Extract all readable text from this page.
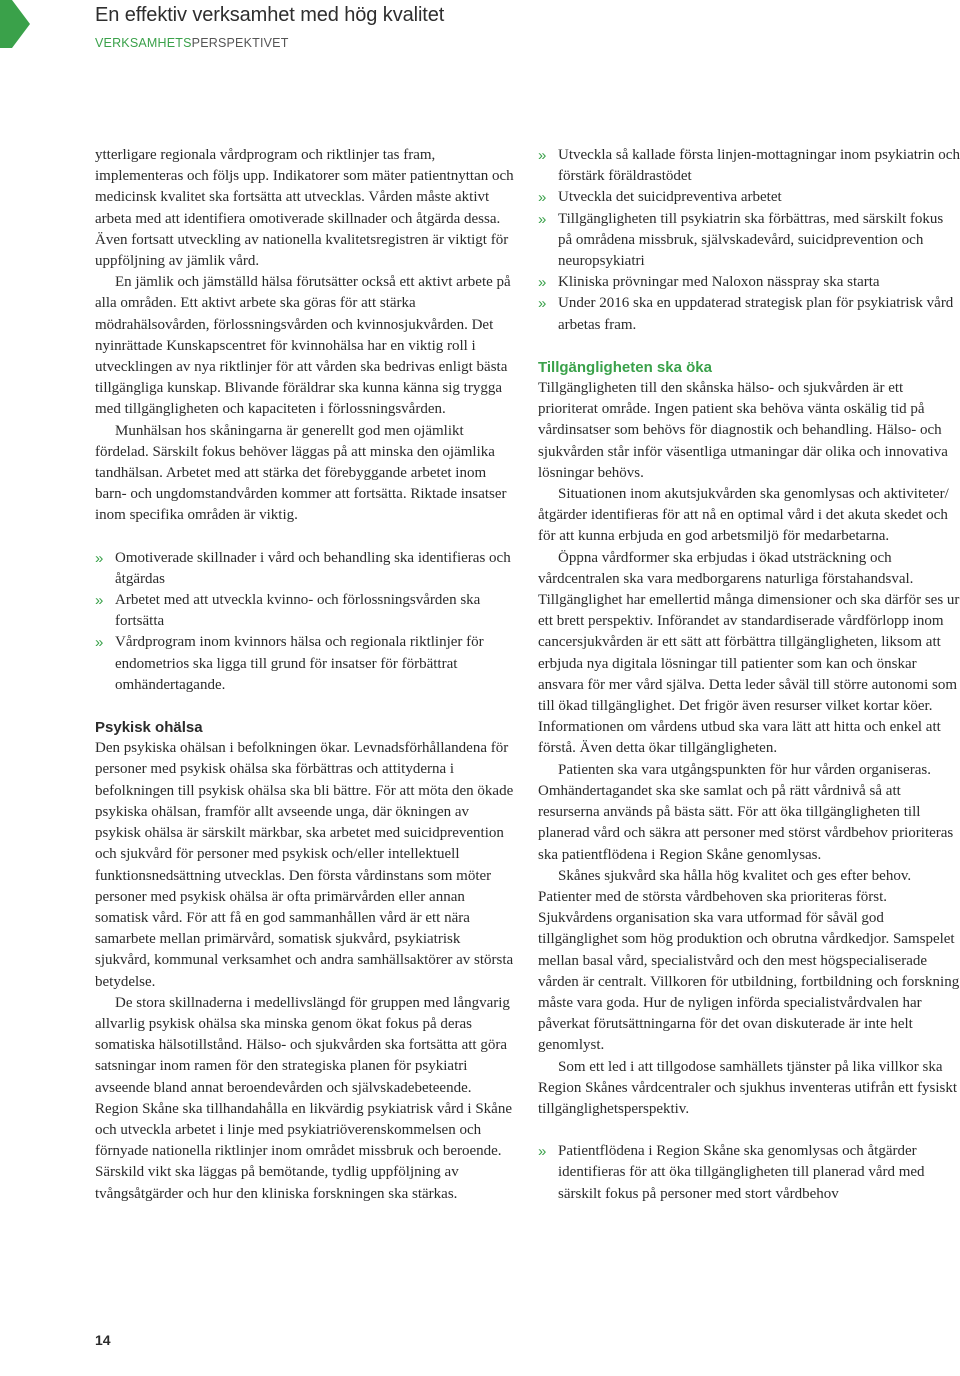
En effektiv verksamhet med hög kvalitet
VERKSAMHETSPERSPEKTIVET

ytterligare regionala vårdprogram och riktlinjer tas fram, implementeras och följs upp. Indikatorer som mäter patientnyttan och medicinsk kvalitet ska fortsätta att utvecklas. Vården måste aktivt arbeta med att identifiera omotiverade skillnader och åtgärda dessa. Även fortsatt utveckling av nationella kvalitetsregistren är viktigt för uppföljning av jämlik vård.

En jämlik och jämställd hälsa förutsätter också ett aktivt arbete på alla områden. Ett aktivt arbete ska göras för att stärka mödrahälsovården, förlossningsvården och kvinnosjukvården. Det nyinrättade Kunskapscentret för kvinnohälsa har en viktig roll i utvecklingen av nya riktlinjer för att vården ska bedrivas enligt bästa tillgängliga kunskap. Blivande föräldrar ska kunna känna sig trygga med tillgängligheten och kapaciteten i förlossningsvården.

Munhälsan hos skåningarna är generellt god men ojämlikt fördelad. Särskilt fokus behöver läggas på att minska den ojämlika tandhälsan. Arbetet med att stärka det förebyggande arbetet inom barn- och ungdomstandvården kommer att fortsätta. Riktade insatser inom specifika områden är viktig.

» Omotiverade skillnader i vård och behandling ska identifieras och åtgärdas
» Arbetet med att utveckla kvinno- och förlossningsvården ska fortsätta
» Vårdprogram inom kvinnors hälsa och regionala riktlinjer för endometrios ska ligga till grund för insatser för förbättrat omhändertagande.
Psykisk ohälsa

Den psykiska ohälsan i befolkningen ökar. Levnadsförhållandena för personer med psykisk ohälsa ska förbättras och attityderna i befolkningen till psykisk ohälsa ska bli bättre. För att möta den ökade psykiska ohälsan, framför allt avseende unga, där ökningen av psykisk ohälsa är särskilt märkbar, ska arbetet med suicidprevention och sjukvård för personer med psykisk och/eller intellektuell funktionsnedsättning utvecklas. Den första vårdinstans som möter personer med psykisk ohälsa är ofta primärvården eller annan somatisk vård. För att få en god sammanhållen vård är ett nära samarbete mellan primärvård, somatisk sjukvård, psykiatrisk sjukvård, kommunal verksamhet och andra samhällsaktörer av största betydelse.

De stora skillnaderna i medellivslängd för gruppen med långvarig allvarlig psykisk ohälsa ska minska genom ökat fokus på deras somatiska hälsotillstånd. Hälso- och sjukvården ska fortsätta att göra satsningar inom ramen för den strategiska planen för psykiatri avseende bland annat beroendevården och självskadebeteende. Region Skåne ska tillhandahålla en likvärdig psykiatrisk vård i Skåne och utveckla arbetet i linje med psykiatriöverenskommelsen och förnyade nationella riktlinjer inom området missbruk och beroende. Särskild vikt ska läggas på bemötande, tydlig uppföljning av tvångsåtgärder och hur den kliniska forskningen ska stärkas.

» Utveckla så kallade första linjen-mottagningar inom psykiatrin och förstärk föräldrastödet
» Utveckla det suicidpreventiva arbetet
» Tillgängligheten till psykiatrin ska förbättras, med särskilt fokus på områdena missbruk, självskadevård, suicidprevention och neuropsykiatri
» Kliniska prövningar med Naloxon nässpray ska starta
» Under 2016 ska en uppdaterad strategisk plan för psykiatrisk vård arbetas fram.
Tillgängligheten ska öka

Tillgängligheten till den skånska hälso- och sjukvården är ett prioriterat område. Ingen patient ska behöva vänta oskälig tid på vårdinsatser som behövs för diagnostik och behandling. Hälso- och sjukvården står inför väsentliga utmaningar där olika och innovativa lösningar behövs.

Situationen inom akutsjukvården ska genomlysas och aktiviteter/åtgärder identifieras för att nå en optimal vård i det akuta skedet och för att kunna erbjuda en god arbetsmiljö för medarbetarna.

Öppna vårdformer ska erbjudas i ökad utsträckning och vårdcentralen ska vara medborgarens naturliga förstahandsval. Tillgänglighet har emellertid många dimensioner och ska därför ses ur ett brett perspektiv. Införandet av standardiserade vårdförlopp inom cancersjukvården är ett sätt att förbättra tillgängligheten, liksom att erbjuda nya digitala lösningar till patienter som kan och önskar ansvara för mer vård själva. Detta leder såväl till större autonomi som till ökad tillgänglighet. Det frigör även resurser vilket kortar köer. Informationen om vårdens utbud ska vara lätt att hitta och enkel att förstå. Även detta ökar tillgängligheten.

Patienten ska vara utgångspunkten för hur vården organiseras. Omhändertagandet ska ske samlat och på rätt vårdnivå så att resurserna används på bästa sätt. För att öka tillgängligheten till planerad vård och säkra att personer med störst vårdbehov prioriteras ska patientflödena i Region Skåne genomlysas.

Skånes sjukvård ska hålla hög kvalitet och ges efter behov. Patienter med de största vårdbehoven ska prioriteras först. Sjukvårdens organisation ska vara utformad för såväl god tillgänglighet som hög produktion och obrutna vårdkedjor. Samspelet mellan basal vård, specialistvård och den mest högspecialiserade vården är centralt. Villkoren för utbildning, fortbildning och forskning måste vara goda. Hur de nyligen införda specialistvårdvalen har påverkat förutsättningarna för det ovan diskuterade är inte helt genomlyst.

Som ett led i att tillgodose samhällets tjänster på lika villkor ska Region Skånes vårdcentraler och sjukhus inventeras utifrån ett fysiskt tillgänglighetsperspektiv.

» Patientflödena i Region Skåne ska genomlysas och åtgärder identifieras för att öka tillgängligheten till planerad vård med särskilt fokus på personer med stort vårdbehov
14
